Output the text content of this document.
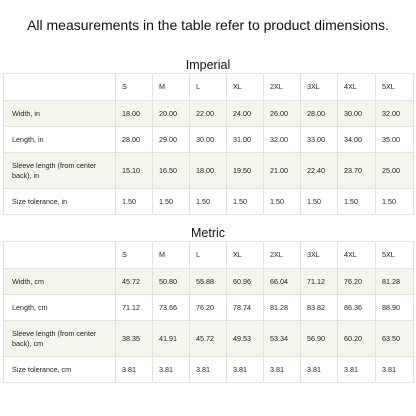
All measurements in the table refer to product dimensions.
Imperial
	S	M	L	XL	2XL	3XL	4XL	5XL
Width, in	18.00	20.00	22.00	24.00	26.00	28.00	30.00	32.00
Length, in	28.00	29.00	30.00	31.00	32.00	33.00	34.00	35.00
Sleeve length (from center back), in	15.10	16.50	18.00	19.50	21.00	22.40	23.70	25.00
Size tolerance, in	1.50	1.50	1.50	1.50	1.50	1.50	1.50	1.50
Metric
	S	M	L	XL	2XL	3XL	4XL	5XL
Width, cm	45.72	50.80	55.88	60.96	66.04	71.12	76.20	81.28
Length, cm	71.12	73.66	76.20	78.74	81.28	83.82	86.36	88.90
Sleeve length (from center back), cm	38.35	41.91	45.72	49.53	53.34	56.90	60.20	63.50
Size tolerance, cm	3.81	3.81	3.81	3.81	3.81	3.81	3.81	3.81
